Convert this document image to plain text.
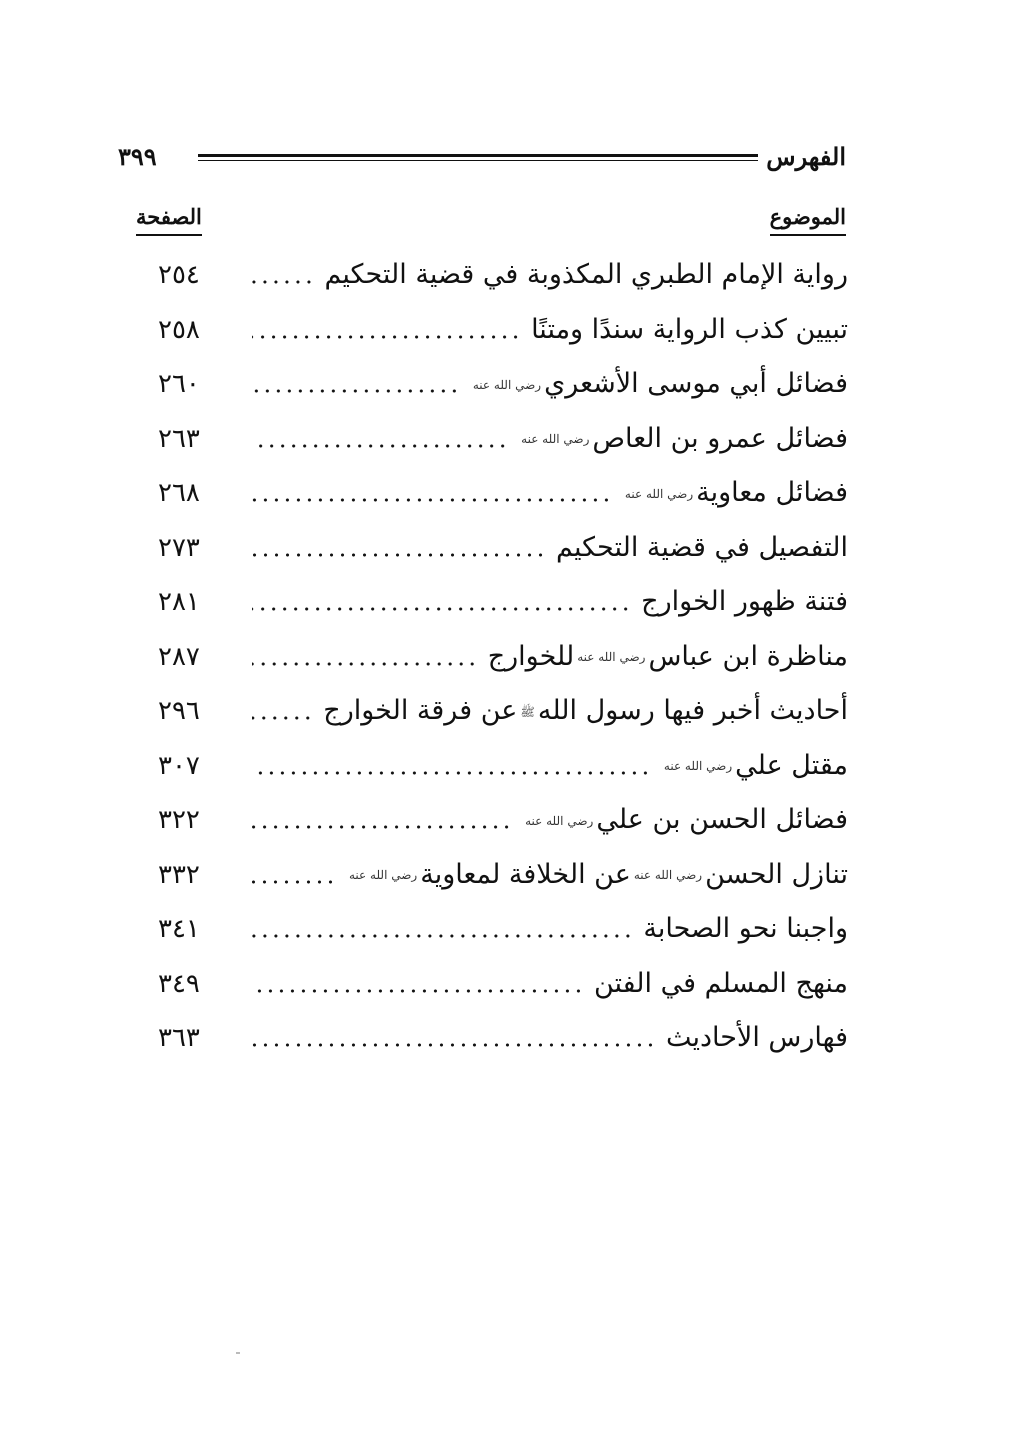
الفهرس
٣٩٩
الموضوع
الصفحة
رواية الإمام الطبري المكذوبة في قضية التحكيم
٢٥٤
تبيين كذب الرواية سندًا ومتنًا
٢٥٨
فضائل أبي موسى الأشعريرضي الله عنه
٢٦٠
فضائل عمرو بن العاصرضي الله عنه
٢٦٣
فضائل معاويةرضي الله عنه
٢٦٨
التفصيل في قضية التحكيم
٢٧٣
فتنة ظهور الخوارج
٢٨١
مناظرة ابن عباسرضي الله عنهللخوارج
٢٨٧
أحاديث أخبر فيها رسول اللهﷺعن فرقة الخوارج
٢٩٦
مقتل عليرضي الله عنه
٣٠٧
فضائل الحسن بن عليرضي الله عنه
٣٢٢
تنازل الحسنرضي الله عنهعن الخلافة لمعاويةرضي الله عنه
٣٣٢
واجبنا نحو الصحابة
٣٤١
منهج المسلم في الفتن
٣٤٩
فهارس الأحاديث
٣٦٣
